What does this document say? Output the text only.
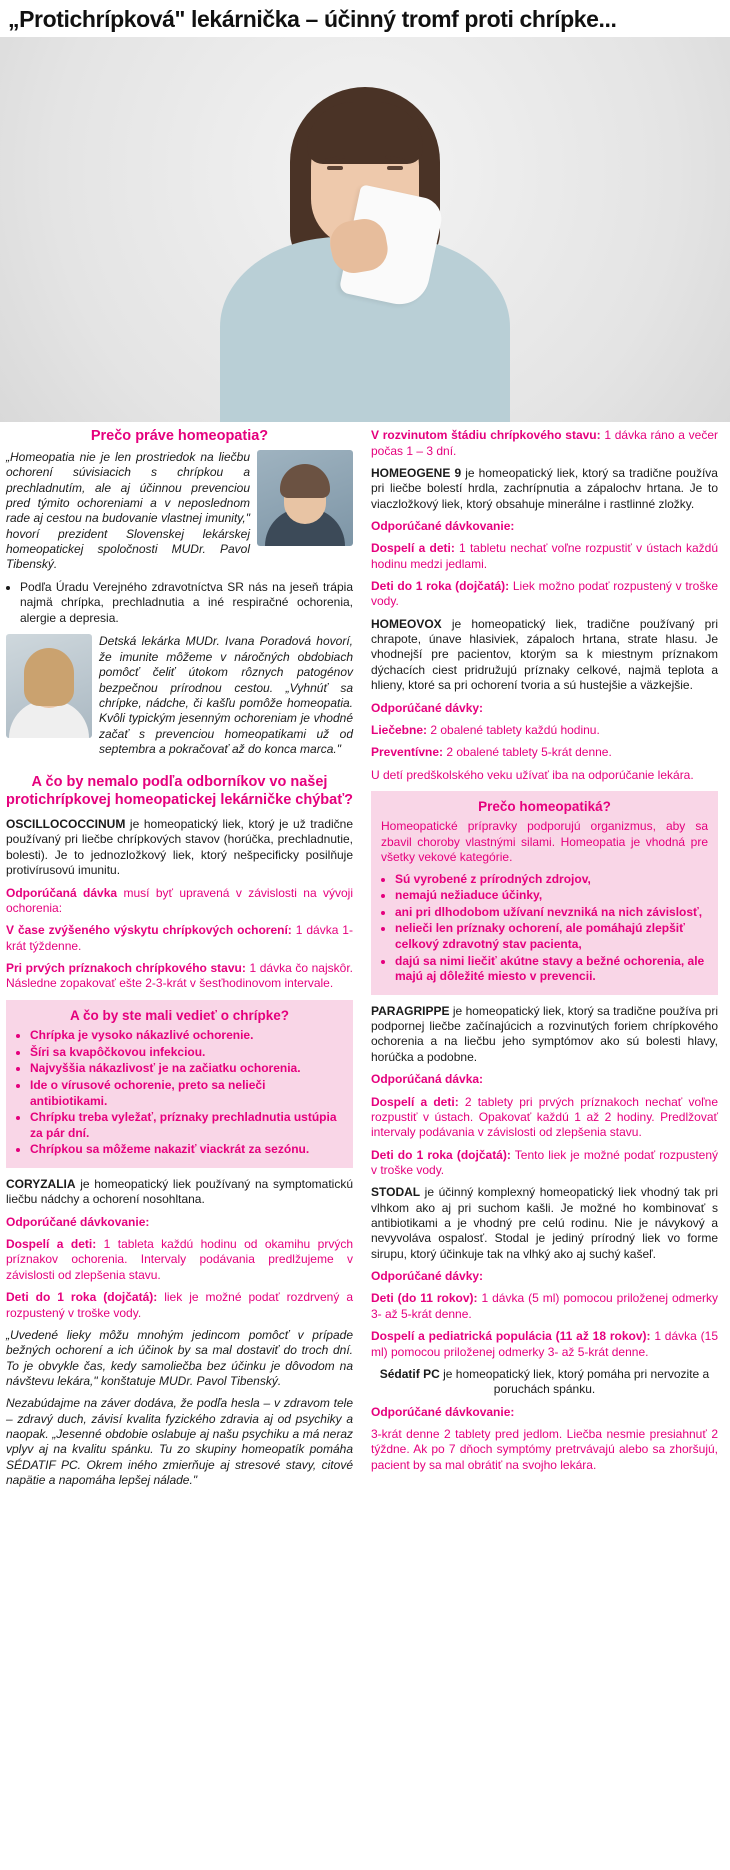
„Protichrípková" lekárnička – účinný tromf proti chrípke...
Prečo práve homeopatia?

„Homeopatia nie je len prostriedok na liečbu ochorení súvisiacich s chrípkou a prechladnutím, ale aj účinnou prevenciou pred týmito ochoreniami a v neposlednom rade aj cestou na budovanie vlastnej imunity," hovorí prezident Slovenskej lekárskej homeopatickej spoločnosti MUDr. Pavol Tibenský.

• Podľa Úradu Verejného zdravotníctva SR nás na jeseň trápia najmä chrípka, prechladnutia a iné respiračné ochorenia, alergie a depresia.

Detská lekárka MUDr. Ivana Poradová hovorí, že imunite môžeme v náročných obdobiach pomôcť čeliť útokom rôznych patogénov bezpečnou prírodnou cestou. „Vyhnúť sa chrípke, nádche, či kašľu pomôže homeopatia. Kvôli typickým jesenným ochoreniam je vhodné začať s prevenciou homeopatikami už od septembra a pokračovať až do konca marca."

A čo by nemalo podľa odborníkov vo našej protichrípkovej homeopatickej lekárničke chýbať?

OSCILLOCOCCINUM je homeopatický liek, ktorý je už tradične používaný pri liečbe chrípkových stavov (horúčka, prechladnutie, bolesti). Je to jednozložkový liek, ktorý nešpecificky posilňuje protivírusovú imunitu.

Odporúčaná dávka musí byť upravená v závislosti na vývoji ochorenia:

V čase zvýšeného výskytu chrípkových ochorení: 1 dávka 1-krát týždenne.

Pri prvých príznakoch chrípkového stavu: 1 dávka čo najskôr. Následne zopakovať ešte 2-3-krát v šesťhodinovom intervale.

A čo by ste mali vedieť o chrípke?
• Chrípka je vysoko nákazlivé ochorenie.
• Šíri sa kvapôčkovou infekciou.
• Najvyššia nákazlivosť je na začiatku ochorenia.
• Ide o vírusové ochorenie, preto sa nelieči antibiotikami.
• Chrípku treba vyležať, príznaky prechladnutia ustúpia za pár dní.
• Chrípkou sa môžeme nakaziť viackrát za sezónu.

CORYZALIA je homeopatický liek používaný na symptomatickú liečbu nádchy a ochorení nosohltana.

Odporúčané dávkovanie:

Dospelí a deti: 1 tableta každú hodinu od okamihu prvých príznakov ochorenia. Intervaly podávania predlžujeme v závislosti od zlepšenia stavu.

Deti do 1 roka (dojčatá): liek je možné podať rozdrvený a rozpustený v troške vody.

„Uvedené lieky môžu mnohým jedincom pomôcť v prípade bežných ochorení a ich účinok by sa mal dostaviť do troch dní. To je obvykle čas, kedy samoliečba bez účinku je dôvodom na návštevu lekára," konštatuje MUDr. Pavol Tibenský.

Nezabúdajme na záver dodáva, že podľa hesla – v zdravom tele – zdravý duch, závisí kvalita fyzického zdravia aj od psychiky a naopak. „Jesenné obdobie oslabuje aj našu psychiku a má neraz vplyv aj na kvalitu spánku. Tu zo skupiny homeopatík pomáha SÉDATIF PC. Okrem iného zmierňuje aj stresové stavy, citové napätie a napomáha lepšej nálade."

V rozvinutom štádiu chrípkového stavu: 1 dávka ráno a večer počas 1 – 3 dní.

HOMEOGENE 9 je homeopatický liek, ktorý sa tradične používa pri liečbe bolestí hrdla, zachrípnutia a zápalochv hrtana. Je to viaczložkový liek, ktorý obsahuje minerálne i rastlinné zložky.

Odporúčané dávkovanie:

Dospelí a deti: 1 tabletu nechať voľne rozpustiť v ústach každú hodinu medzi jedlami.

Deti do 1 roka (dojčatá): Liek možno podať rozpustený v troške vody.

HOMEOVOX je homeopatický liek, tradične používaný pri chrapote, únave hlasiviek, zápaloch hrtana, strate hlasu. Je vhodnejší pre pacientov, ktorým sa k miestnym príznakom dýchacích ciest pridružujú príznaky celkové, najmä teplota a hlieny, ktoré sa pri ochorení tvoria a sú hustejšie a väzkejšie.

Odporúčané dávky:

Liečebne: 2 obalené tablety každú hodinu.

Preventívne: 2 obalené tablety 5-krát denne.

U detí predškolského veku užívať iba na odporúčanie lekára.

Prečo homeopatiká?

Homeopatické prípravky podporujú organizmus, aby sa zbavil choroby vlastnými silami. Homeopatia je vhodná pre všetky vekové kategórie.

• Sú vyrobené z prírodných zdrojov,
• nemajú nežiaduce účinky,
• ani pri dlhodobom užívaní nevzniká na nich závislosť,
• nelieči len príznaky ochorení, ale pomáhajú zlepšiť celkový zdravotný stav pacienta,
• dajú sa nimi liečiť akútne stavy a bežné ochorenia, ale majú aj dôležité miesto v prevencii.

PARAGRIPPE je homeopatický liek, ktorý sa tradične používa pri podpornej liečbe začínajúcich a rozvinutých foriem chrípkového ochorenia a na liečbu jeho symptómov ako sú bolesti hlavy, horúčka a podobne.

Odporúčaná dávka:

Dospelí a deti: 2 tablety pri prvých príznakoch nechať voľne rozpustiť v ústach. Opakovať každú 1 až 2 hodiny. Predlžovať intervaly podávania v závislosti od zlepšenia stavu.

Deti do 1 roka (dojčatá): Tento liek je možné podať rozpustený v troške vody.

STODAL je účinný komplexný homeopatický liek vhodný tak pri vlhkom ako aj pri suchom kašli. Je možné ho kombinovať s antibiotikami a je vhodný pre celú rodinu. Nie je návykový a nevyvoláva ospalosť. Stodal je jediný prírodný liek vo forme sirupu, ktorý účinkuje tak na vlhký ako aj suchý kašeľ.

Odporúčané dávky:

Deti (do 11 rokov): 1 dávka (5 ml) pomocou priloženej odmerky 3- až 5-krát denne.

Dospelí a pediatrická populácia (11 až 18 rokov): 1 dávka (15 ml) pomocou priloženej odmerky 3- až 5-krát denne.

Sédatif PC je homeopatický liek, ktorý pomáha pri nervozite a poruchách spánku.

Odporúčané dávkovanie:

3-krát denne 2 tablety pred jedlom. Liečba nesmie presiahnuť 2 týždne. Ak po 7 dňoch symptómy pretrvávajú alebo sa zhoršujú, pacient by sa mal obrátiť na svojho lekára.
